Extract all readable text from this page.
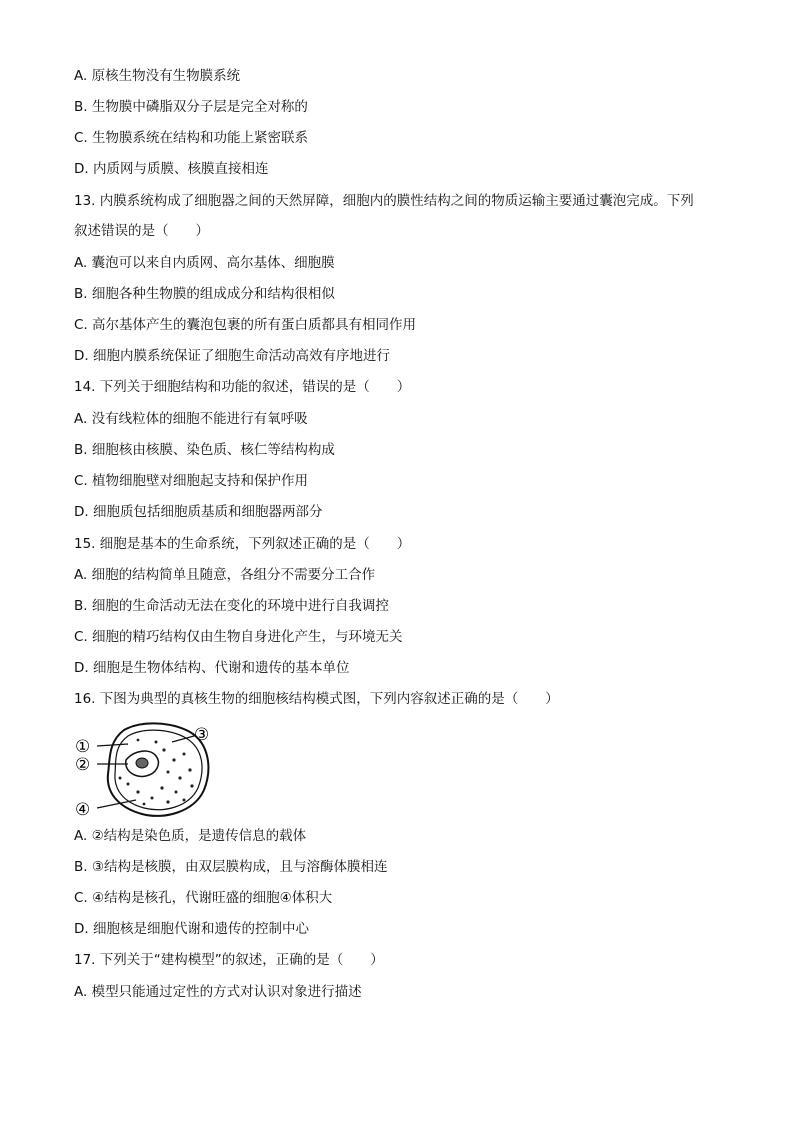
A. 原核生物没有生物膜系统
B. 生物膜中磷脂双分子层是完全对称的
C. 生物膜系统在结构和功能上紧密联系
D. 内质网与质膜、核膜直接相连
13. 内膜系统构成了细胞器之间的天然屏障，细胞内的膜性结构之间的物质运输主要通过囊泡完成。下列
叙述错误的是（　　）
A. 囊泡可以来自内质网、高尔基体、细胞膜
B. 细胞各种生物膜的组成成分和结构很相似
C. 高尔基体产生的囊泡包裹的所有蛋白质都具有相同作用
D. 细胞内膜系统保证了细胞生命活动高效有序地进行
14. 下列关于细胞结构和功能的叙述，错误的是（　　）
A. 没有线粒体的细胞不能进行有氧呼吸
B. 细胞核由核膜、染色质、核仁等结构构成
C. 植物细胞壁对细胞起支持和保护作用
D. 细胞质包括细胞质基质和细胞器两部分
15. 细胞是基本的生命系统，下列叙述正确的是（　　）
A. 细胞的结构简单且随意，各组分不需要分工合作
B. 细胞的生命活动无法在变化的环境中进行自我调控
C. 细胞的精巧结构仅由生物自身进化产生，与环境无关
D. 细胞是生物体结构、代谢和遗传的基本单位
16. 下图为典型的真核生物的细胞核结构模式图，下列内容叙述正确的是（　　）
①
②
③
④
A. ②结构是染色质，是遗传信息的载体
B. ③结构是核膜，由双层膜构成，且与溶酶体膜相连
C. ④结构是核孔，代谢旺盛的细胞④体积大
D. 细胞核是细胞代谢和遗传的控制中心
17. 下列关于“建构模型”的叙述，正确的是（　　）
A. 模型只能通过定性的方式对认识对象进行描述
